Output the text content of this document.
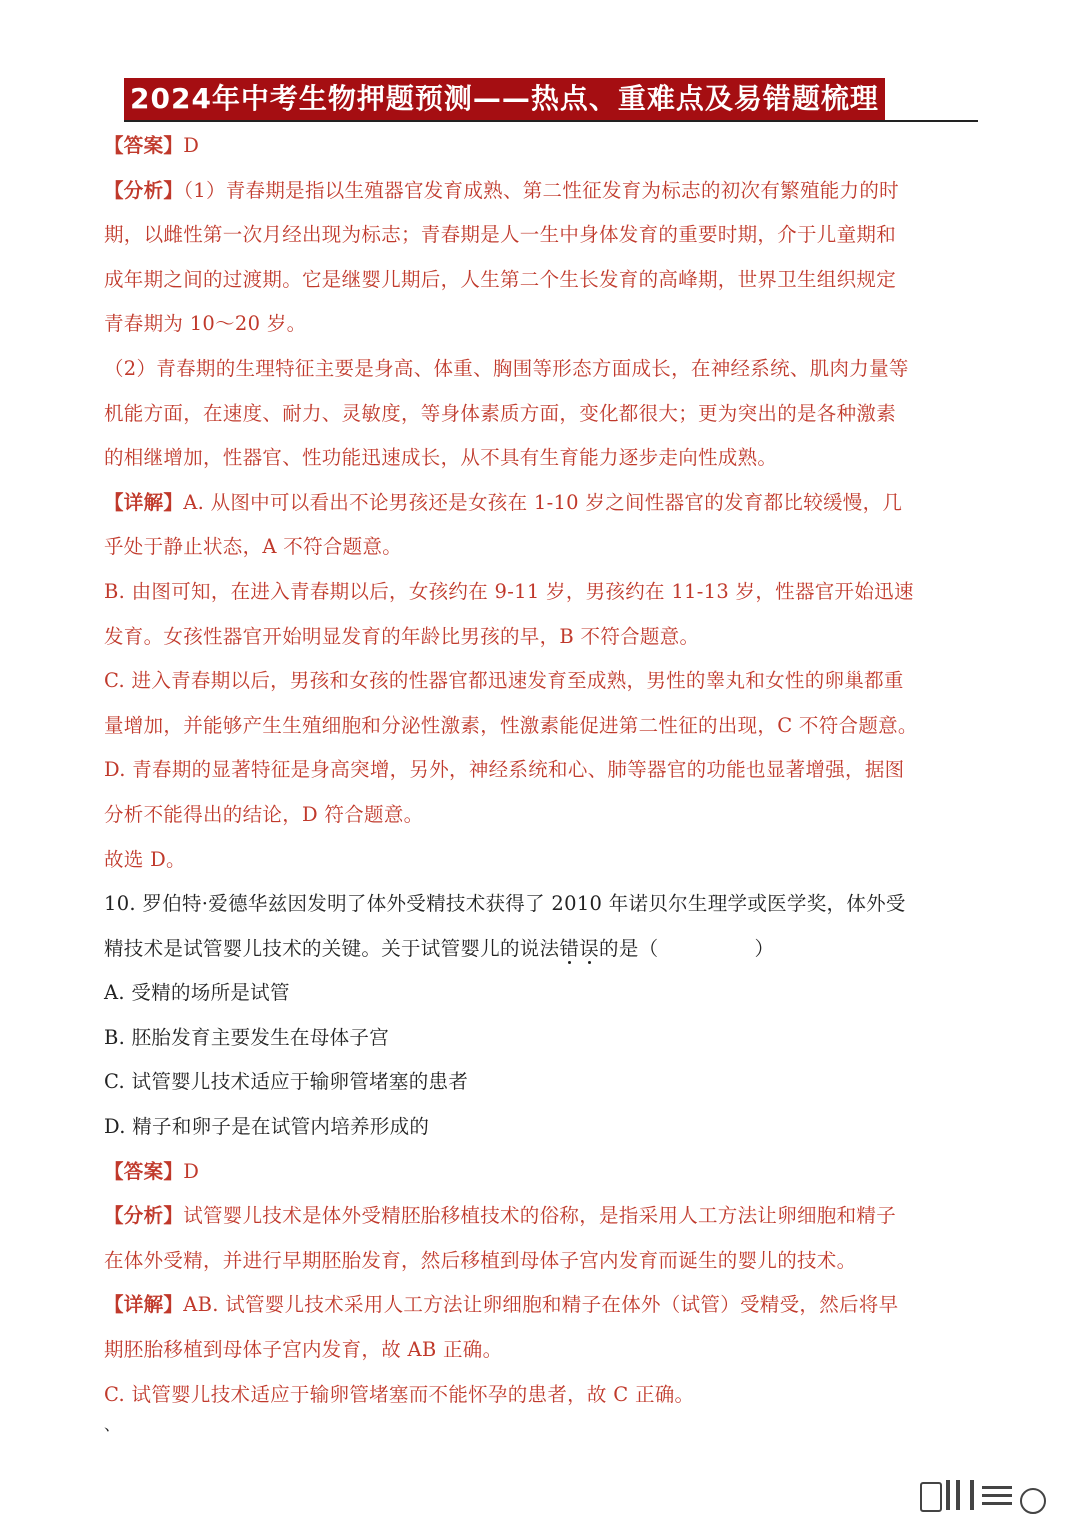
2024年中考生物押题预测——热点、重难点及易错题梳理
【答案】D
【分析】（1）青春期是指以生殖器官发育成熟、第二性征发育为标志的初次有繁殖能力的时
期，以雌性第一次月经出现为标志；青春期是人一生中身体发育的重要时期，介于儿童期和
成年期之间的过渡期。它是继婴儿期后，人生第二个生长发育的高峰期，世界卫生组织规定
青春期为 10～20 岁。
（2）青春期的生理特征主要是身高、体重、胸围等形态方面成长，在神经系统、肌肉力量等
机能方面，在速度、耐力、灵敏度，等身体素质方面，变化都很大；更为突出的是各种激素
的相继增加，性器官、性功能迅速成长，从不具有生育能力逐步走向性成熟。
【详解】A. 从图中可以看出不论男孩还是女孩在 1-10 岁之间性器官的发育都比较缓慢，几
乎处于静止状态，A 不符合题意。
B. 由图可知，在进入青春期以后，女孩约在 9-11 岁，男孩约在 11-13 岁，性器官开始迅速
发育。女孩性器官开始明显发育的年龄比男孩的早，B 不符合题意。
C. 进入青春期以后，男孩和女孩的性器官都迅速发育至成熟，男性的睾丸和女性的卵巢都重
量增加，并能够产生生殖细胞和分泌性激素，性激素能促进第二性征的出现，C 不符合题意。
D. 青春期的显著特征是身高突增，另外，神经系统和心、肺等器官的功能也显著增强，据图
分析不能得出的结论，D 符合题意。
故选 D。
10. 罗伯特·爱德华兹因发明了体外受精技术获得了 2010 年诺贝尔生理学或医学奖，体外受
精技术是试管婴儿技术的关键。关于试管婴儿的说法错误的是（	）
A. 受精的场所是试管
B. 胚胎发育主要发生在母体子宫
C. 试管婴儿技术适应于输卵管堵塞的患者
D. 精子和卵子是在试管内培养形成的
【答案】D
【分析】试管婴儿技术是体外受精胚胎移植技术的俗称，是指采用人工方法让卵细胞和精子
在体外受精，并进行早期胚胎发育，然后移植到母体子宫内发育而诞生的婴儿的技术。
【详解】AB. 试管婴儿技术采用人工方法让卵细胞和精子在体外（试管）受精受，然后将早
期胚胎移植到母体子宫内发育，故 AB 正确。
C. 试管婴儿技术适应于输卵管堵塞而不能怀孕的患者，故 C 正确。
、
